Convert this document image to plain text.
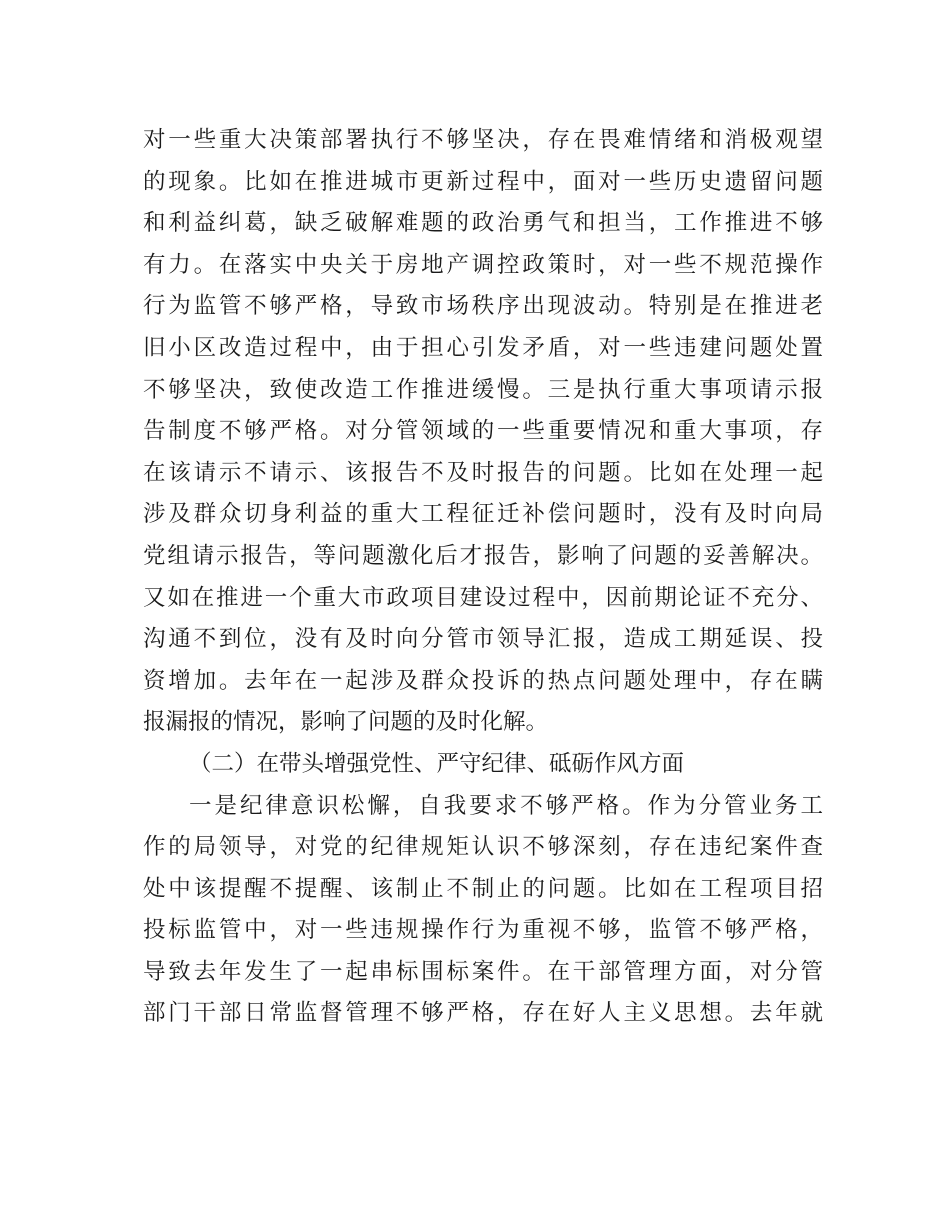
对一些重大决策部署执行不够坚决，存在畏难情绪和消极观望
的现象。比如在推进城市更新过程中，面对一些历史遗留问题
和利益纠葛，缺乏破解难题的政治勇气和担当，工作推进不够
有力。在落实中央关于房地产调控政策时，对一些不规范操作
行为监管不够严格，导致市场秩序出现波动。特别是在推进老
旧小区改造过程中，由于担心引发矛盾，对一些违建问题处置
不够坚决，致使改造工作推进缓慢。三是执行重大事项请示报
告制度不够严格。对分管领域的一些重要情况和重大事项，存
在该请示不请示、该报告不及时报告的问题。比如在处理一起
涉及群众切身利益的重大工程征迁补偿问题时，没有及时向局
党组请示报告，等问题激化后才报告，影响了问题的妥善解决。
又如在推进一个重大市政项目建设过程中，因前期论证不充分、
沟通不到位，没有及时向分管市领导汇报，造成工期延误、投
资增加。去年在一起涉及群众投诉的热点问题处理中，存在瞒
报漏报的情况，影响了问题的及时化解。
（二）在带头增强党性、严守纪律、砥砺作风方面
一是纪律意识松懈，自我要求不够严格。作为分管业务工
作的局领导，对党的纪律规矩认识不够深刻，存在违纪案件查
处中该提醒不提醒、该制止不制止的问题。比如在工程项目招
投标监管中，对一些违规操作行为重视不够，监管不够严格，
导致去年发生了一起串标围标案件。在干部管理方面，对分管
部门干部日常监督管理不够严格，存在好人主义思想。去年就
